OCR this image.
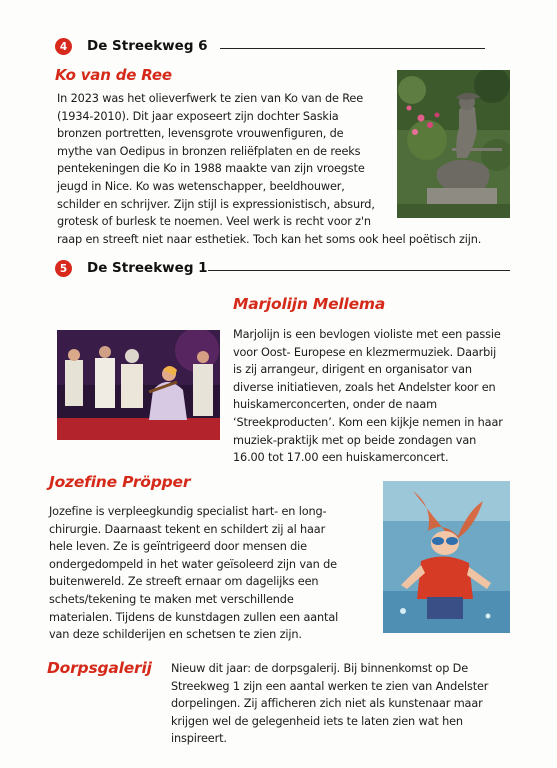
4 De Streekweg 6
Ko van de Ree
In 2023 was het olieverfwerk te zien van Ko van de Ree
(1934-2010). Dit jaar exposeert zijn dochter Saskia
bronzen portretten, levensgrote vrouwenfiguren, de
mythe van Oedipus in bronzen reliëfplaten en de reeks
pentekeningen die Ko in 1988 maakte van zijn vroegste
jeugd in Nice. Ko was wetenschapper, beeldhouwer,
schilder en schrijver. Zijn stijl is expressionistisch, absurd,
grotesk of burlesk te noemen. Veel werk is recht voor z'n
raap en streeft niet naar esthetiek. Toch kan het soms ook heel poëtisch zijn.
5 De Streekweg 1
Marjolijn Mellema
Marjolijn is een bevlogen violiste met een passie
voor Oost- Europese en klezmermuziek. Daarbij
is zij arrangeur, dirigent en organisator van
diverse initiatieven, zoals het Andelster koor en
huiskamerconcerten, onder de naam
‘Streekproducten’. Kom een kijkje nemen in haar
muziek-praktijk met op beide zondagen van
16.00 tot 17.00 een huiskamerconcert.
Jozefine Pröpper
Jozefine is verpleegkundig specialist hart- en long-
chirurgie. Daarnaast tekent en schildert zij al haar
hele leven. Ze is geïntrigeerd door mensen die
ondergedompeld in het water geïsoleerd zijn van de
buitenwereld. Ze streeft ernaar om dagelijks een
schets/tekening te maken met verschillende
materialen. Tijdens de kunstdagen zullen een aantal
van deze schilderijen en schetsen te zien zijn.
Dorpsgalerij Nieuw dit jaar: de dorpsgalerij. Bij binnenkomst op De
Streekweg 1 zijn een aantal werken te zien van Andelster
dorpelingen. Zij afficheren zich niet als kunstenaar maar
krijgen wel de gelegenheid iets te laten zien wat hen
inspireert.
